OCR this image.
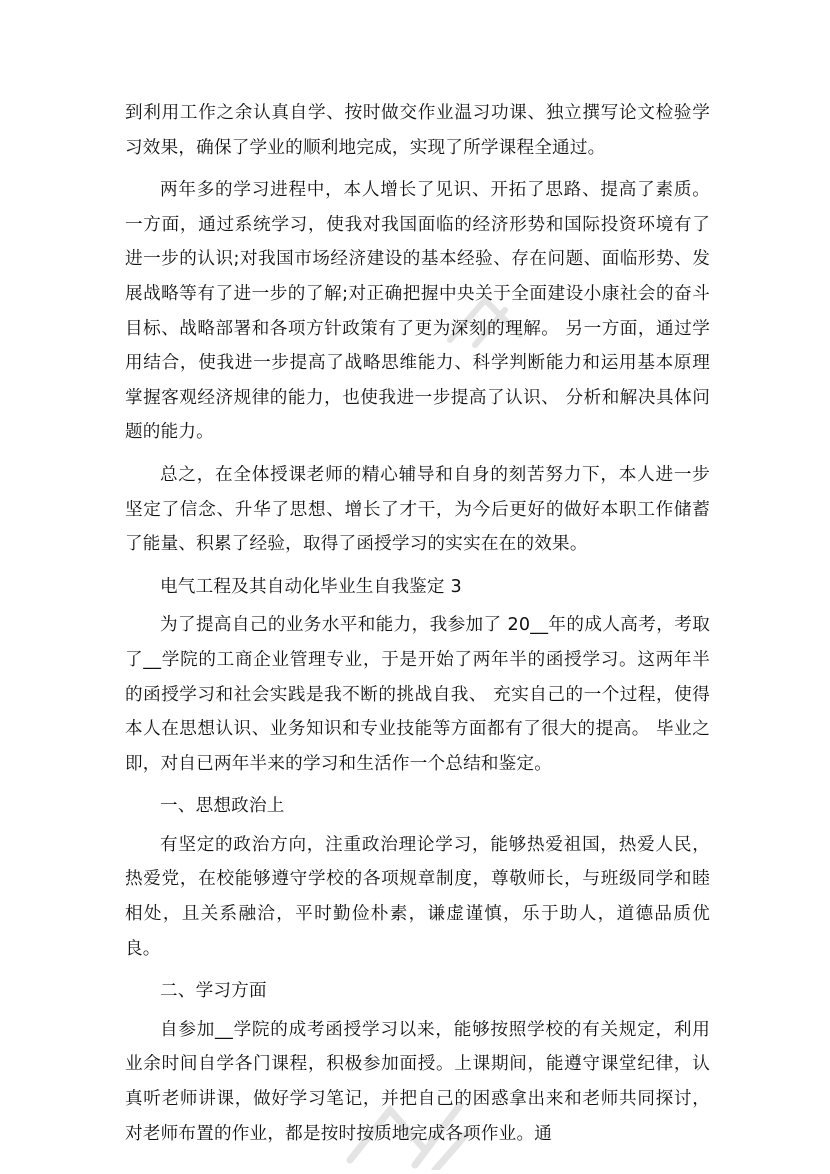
到利用工作之余认真自学、按时做交作业温习功课、独立撰写论文检验学习效果，确保了学业的顺利地完成，实现了所学课程全通过。

两年多的学习进程中，本人增长了见识、开拓了思路、提高了素质。 一方面，通过系统学习，使我对我国面临的经济形势和国际投资环境有了进一步的认识;对我国市场经济建设的基本经验、存在问题、面临形势、发展战略等有了进一步的了解;对正确把握中央关于全面建设小康社会的奋斗目标、战略部署和各项方针政策有了更为深刻的理解。 另一方面，通过学用结合，使我进一步提高了战略思维能力、科学判断能力和运用基本原理掌握客观经济规律的能力，也使我进一步提高了认识、 分析和解决具体问题的能力。

总之，在全体授课老师的精心辅导和自身的刻苦努力下，本人进一步坚定了信念、升华了思想、增长了才干，为今后更好的做好本职工作储蓄了能量、积累了经验，取得了函授学习的实实在在的效果。

电气工程及其自动化毕业生自我鉴定 3

为了提高自己的业务水平和能力，我参加了 20__年的成人高考，考取了__学院的工商企业管理专业，于是开始了两年半的函授学习。这两年半的函授学习和社会实践是我不断的挑战自我、 充实自己的一个过程，使得本人在思想认识、业务知识和专业技能等方面都有了很大的提高。 毕业之即，对自已两年半来的学习和生活作一个总结和鉴定。

一、思想政治上

有坚定的政治方向，注重政治理论学习，能够热爱祖国，热爱人民，热爱党，在校能够遵守学校的各项规章制度，尊敬师长，与班级同学和睦相处，且关系融洽，平时勤俭朴素，谦虚谨慎，乐于助人，道德品质优良。

二、学习方面

自参加__学院的成考函授学习以来，能够按照学校的有关规定，利用业余时间自学各门课程，积极参加面授。上课期间，能遵守课堂纪律，认真听老师讲课，做好学习笔记，并把自己的困惑拿出来和老师共同探讨，对老师布置的作业，都是按时按质地完成各项作业。通
